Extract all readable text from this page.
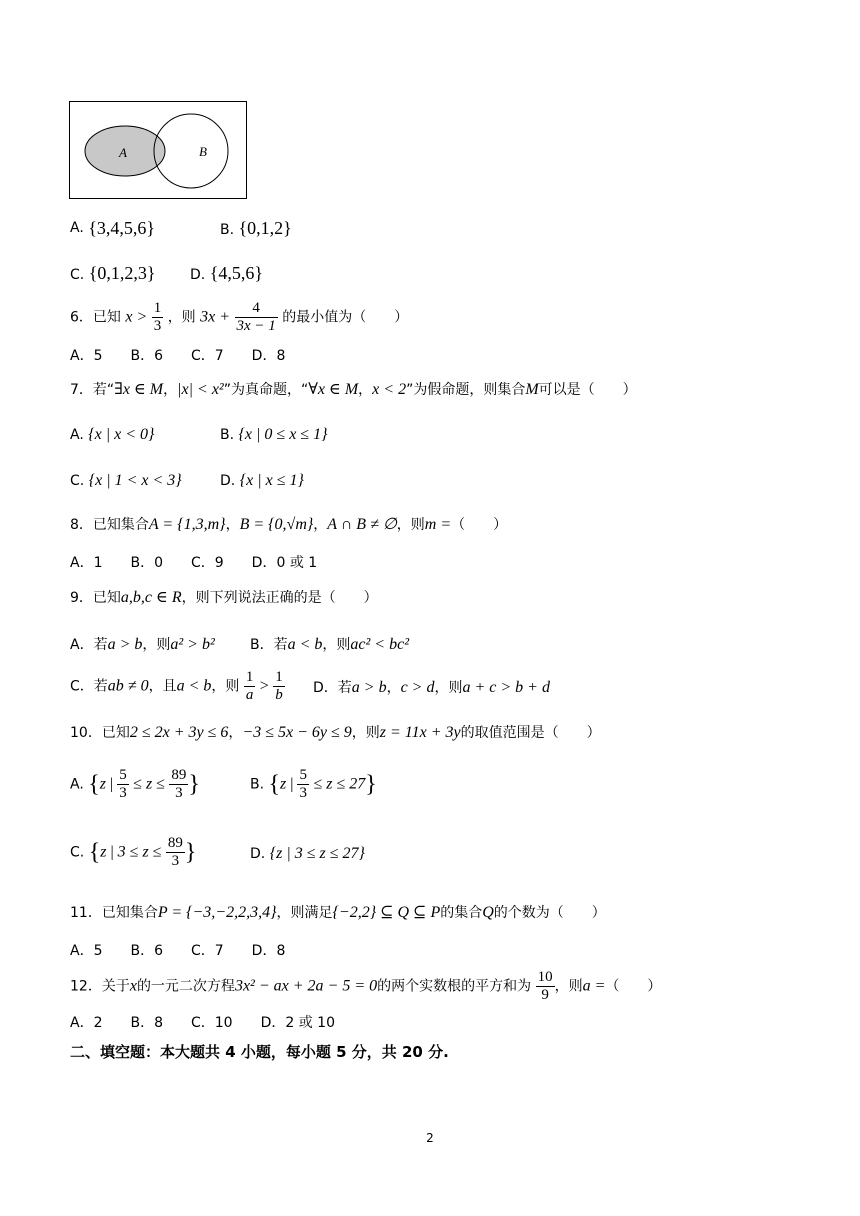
A	B
A. {3,4,5,6}	B. {0,1,2}
C. {0,1,2,3} D. {4,5,6}
6．已知 $x > \frac{1}{3}$ ，则 $3x + \frac{4}{3x - 1}$ 的最小值为（　　）
A．5　　B．6　　C．7　　D．8
7．若“∃x ∈ M，|x| < x²”为真命题，“∀x ∈ M，x < 2”为假命题，则集合M可以是（　　）
A. {x | x < 0}	B. {x | 0 ≤ x ≤ 1}
C. {x | 1 < x < 3}	D. {x | x ≤ 1}
8．已知集合A = {1,3,m}，B = {0,√m}，A ∩ B ≠ ∅，则m =（　　）
A．1　　B．0　　C．9　　D．0 或 1
9．已知a,b,c ∈ R，则下列说法正确的是（　　）
A．若a > b，则a² > b²	B．若a < b，则ac² < bc²
C．若ab ≠ 0，且a < b，则 $\frac{1}{a} > \frac{1}{b}$ D．若a > b，c > d，则a + c > b + d
10．已知2 ≤ 2x + 3y ≤ 6，−3 ≤ 5x − 6y ≤ 9，则z = 11x + 3y的取值范围是（　　）
A. {z | $\frac{5}{3} \le z \le \frac{89}{3}$ }	B. {z | $\frac{5}{3} \le z \le 27$}
C. {z | $3 \le z \le \frac{89}{3}$ }	D. {z | 3 ≤ z ≤ 27}
11．已知集合P = {−3,−2,2,3,4}，则满足{−2,2} ⊆ Q ⊆ P的集合Q的个数为（　　）
A．5　　B．6　　C．7　　D．8
12．关于x的一元二次方程3x² − ax + 2a − 5 = 0的两个实数根的平方和为 $\frac{10}{9}$ ，则a =（　　）
A．2　　B．8　　C．10　　D．2 或 10
二、填空题：本大题共 4 小题，每小题 5 分，共 20 分.
2
